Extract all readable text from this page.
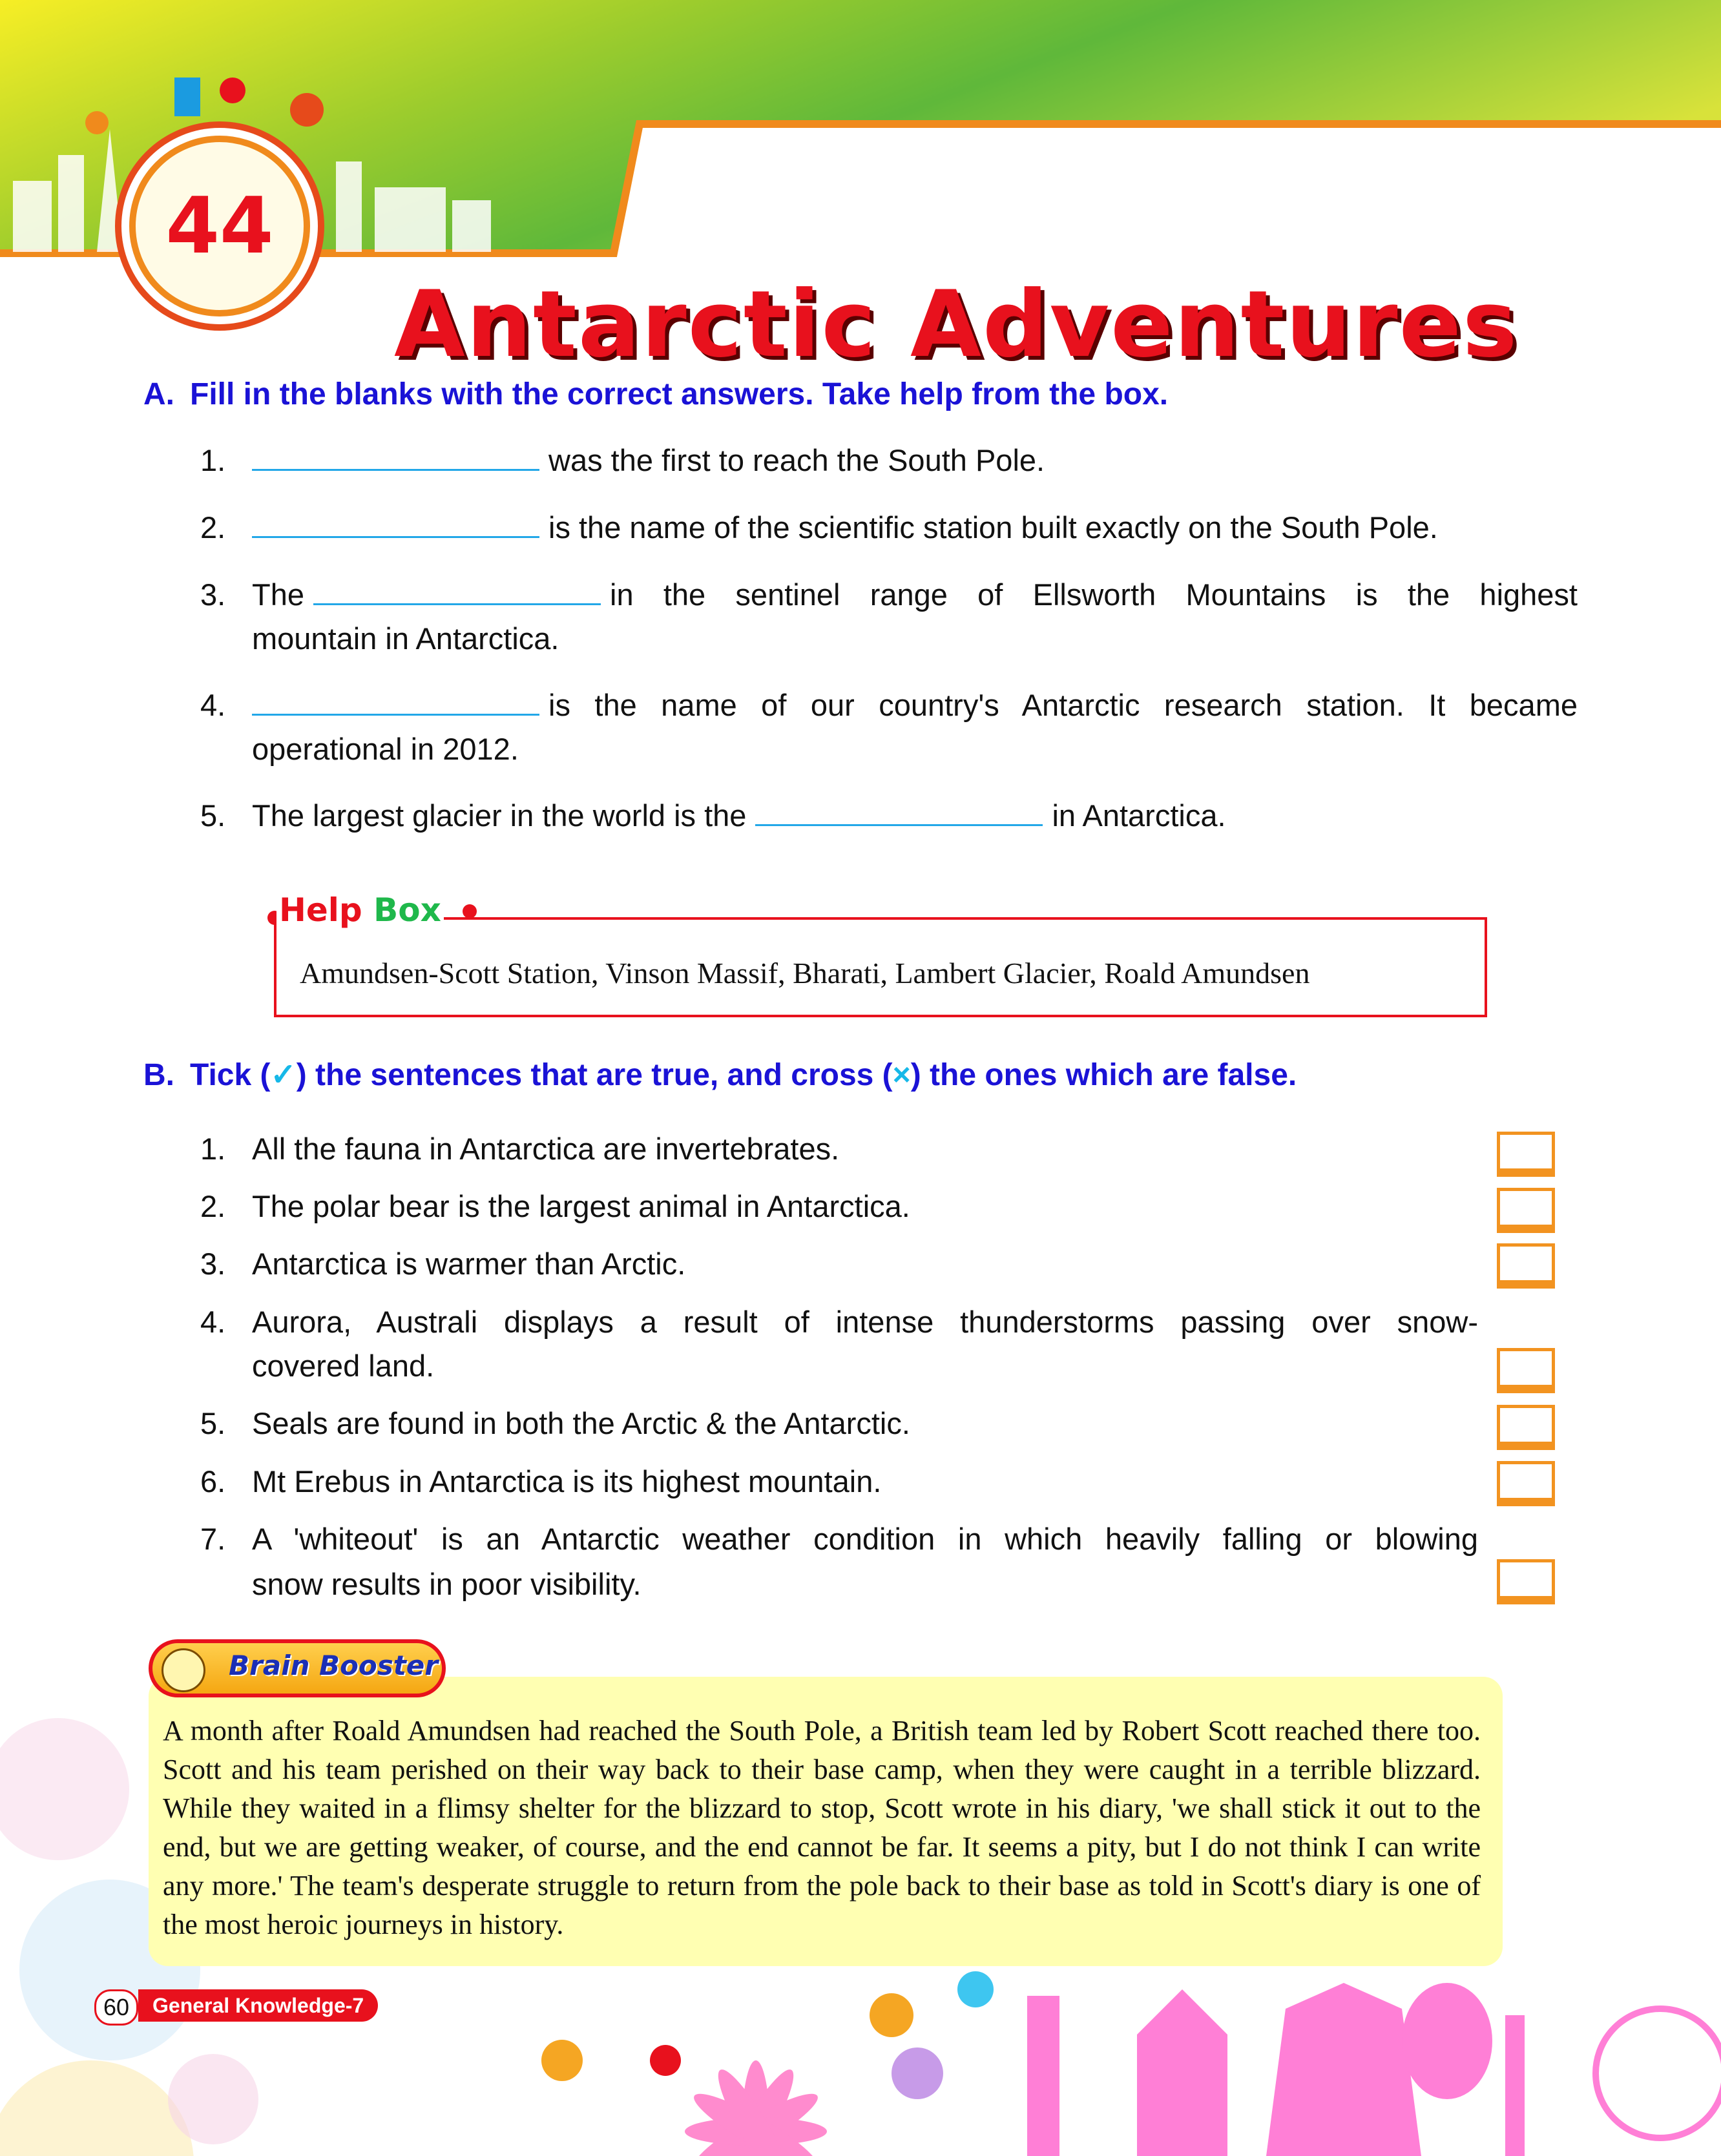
44
Antarctic Adventures
A. Fill in the blanks with the correct answers. Take help from the box.
1.	was the first to reach the South Pole.
2.	is the name of the scientific station built exactly on the South Pole.
3. The	in the sentinel range of Ellsworth Mountains is the highest
mountain in Antarctica.
4.	is the name of our country's Antarctic research station. It became
operational in 2012.
5. The largest glacier in the world is the	in Antarctica.
Help Box
Amundsen-Scott Station, Vinson Massif, Bharati, Lambert Glacier, Roald Amundsen
B. Tick (✓) the sentences that are true, and cross (×) the ones which are false.
1. All the fauna in Antarctica are invertebrates.
2. The polar bear is the largest animal in Antarctica.
3. Antarctica is warmer than Arctic.
4. Aurora, Australi displays a result of intense thunderstorms passing over snow-
covered land.
5. Seals are found in both the Arctic & the Antarctic.
6. Mt Erebus in Antarctica is its highest mountain.
7. A 'whiteout' is an Antarctic weather condition in which heavily falling or blowing
snow results in poor visibility.
Brain Booster
A month after Roald Amundsen had reached the South Pole, a British team led by Robert Scott reached there too. Scott and his team perished on their way back to their base camp, when they were caught in a terrible blizzard. While they waited in a flimsy shelter for the blizzard to stop, Scott wrote in his diary, 'we shall stick it out to the end, but we are getting weaker, of course, and the end cannot be far. It seems a pity, but I do not think I can write any more.' The team's desperate struggle to return from the pole back to their base as told in Scott's diary is one of the most heroic journeys in history.
60	General Knowledge-7
